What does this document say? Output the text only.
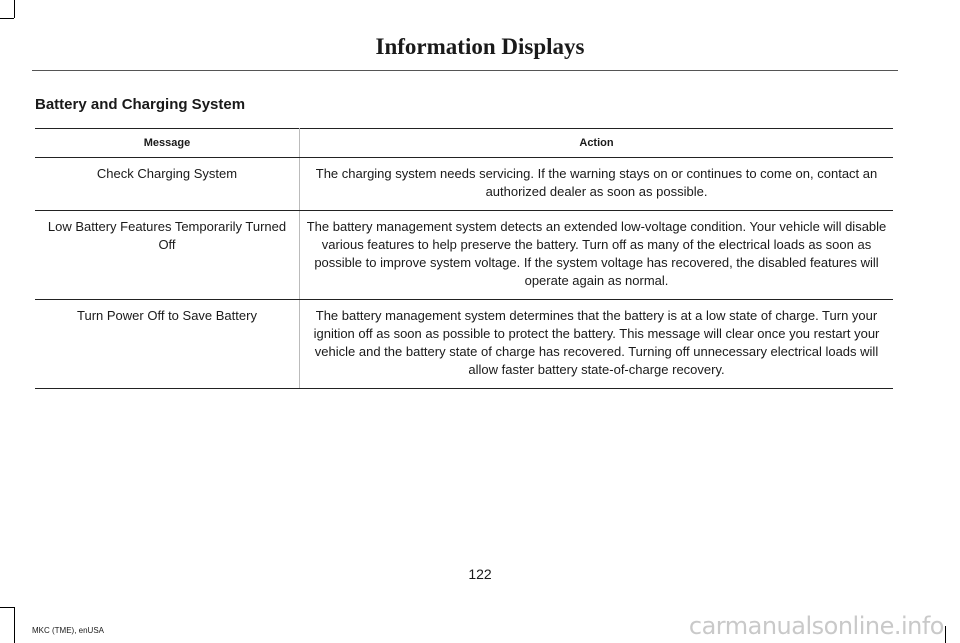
Information Displays
Battery and Charging System
Message	Action
Check Charging System	The charging system needs servicing. If the warning stays on or continues to come on, contact an authorized dealer as soon as possible.
Low Battery Features Temporarily Turned Off	The battery management system detects an extended low-voltage condition. Your vehicle will disable various features to help preserve the battery. Turn off as many of the electrical loads as soon as possible to improve system voltage. If the system voltage has recovered, the disabled features will operate again as normal.
Turn Power Off to Save Battery	The battery management system determines that the battery is at a low state of charge. Turn your ignition off as soon as possible to protect the battery. This message will clear once you restart your vehicle and the battery state of charge has recovered. Turning off unnecessary electrical loads will allow faster battery state-of-charge recovery.
122
MKC (TME), enUSA	carmanualsonline.info
